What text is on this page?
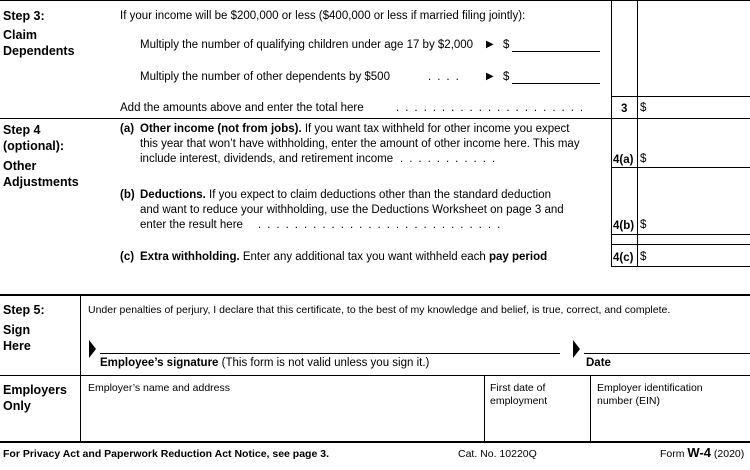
Step 3:
Claim
Dependents
If your income will be $200,000 or less ($400,000 or less if married filing jointly):
Multiply the number of qualifying children under age 17 by $2,000 ▶ $
Multiply the number of other dependents by $500	.... ▶ $
Add the amounts above and enter the total here	.....................	3 $
Step 4
(optional):
Other
Adjustments
(a) Other income (not from jobs). If you want tax withheld for other income you expect
this year that won’t have withholding, enter the amount of other income here. This may
include interest, dividends, and retirement income ...........	4(a) $
(b) Deductions. If you expect to claim deductions other than the standard deduction
and want to reduce your withholding, use the Deductions Worksheet on page 3 and
enter the result here ...........................	4(b) $
(c) Extra withholding. Enter any additional tax you want withheld each pay period	4(c) $
Step 5:
Sign
Here
Under penalties of perjury, I declare that this certificate, to the best of my knowledge and belief, is true, correct, and complete.
Employee’s signature (This form is not valid unless you sign it.)	Date
Employers
Only
Employer’s name and address	First date of
employment
Employer identification
number (EIN)
For Privacy Act and Paperwork Reduction Act Notice, see page 3.	Cat. No. 10220Q	Form W-4 (2020)
